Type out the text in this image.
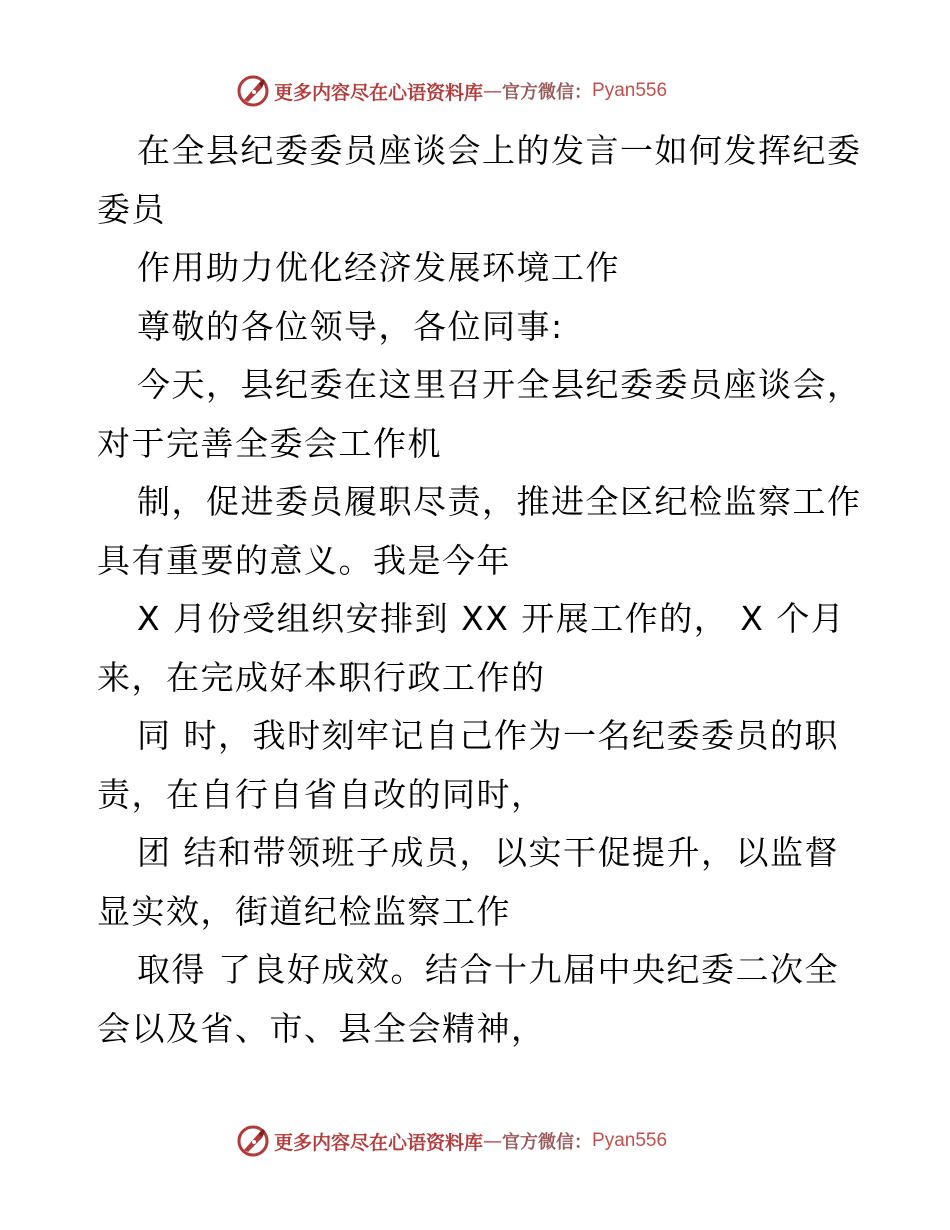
更多内容尽在心语资料库 — 官方微信： Pyan556
在全县纪委委员座谈会上的发言一如何发挥纪委
委员
作用助力优化经济发展环境工作
尊敬的各位领导，各位同事:
今天，县纪委在这里召开全县纪委委员座谈会，
对于完善全委会工作机
制，促进委员履职尽责，推进全区纪检监察工作
具有重要的意义。我是今年
X 月份受组织安排到 XX 开展工作的， X 个月
来，在完成好本职行政工作的
同 时，我时刻牢记自己作为一名纪委委员的职
责，在自行自省自改的同时，
团 结和带领班子成员，以实干促提升，以监督
显实效，街道纪检监察工作
取得 了良好成效。结合十九届中央纪委二次全
会以及省、市、县全会精神，
更多内容尽在心语资料库 — 官方微信： Pyan556
